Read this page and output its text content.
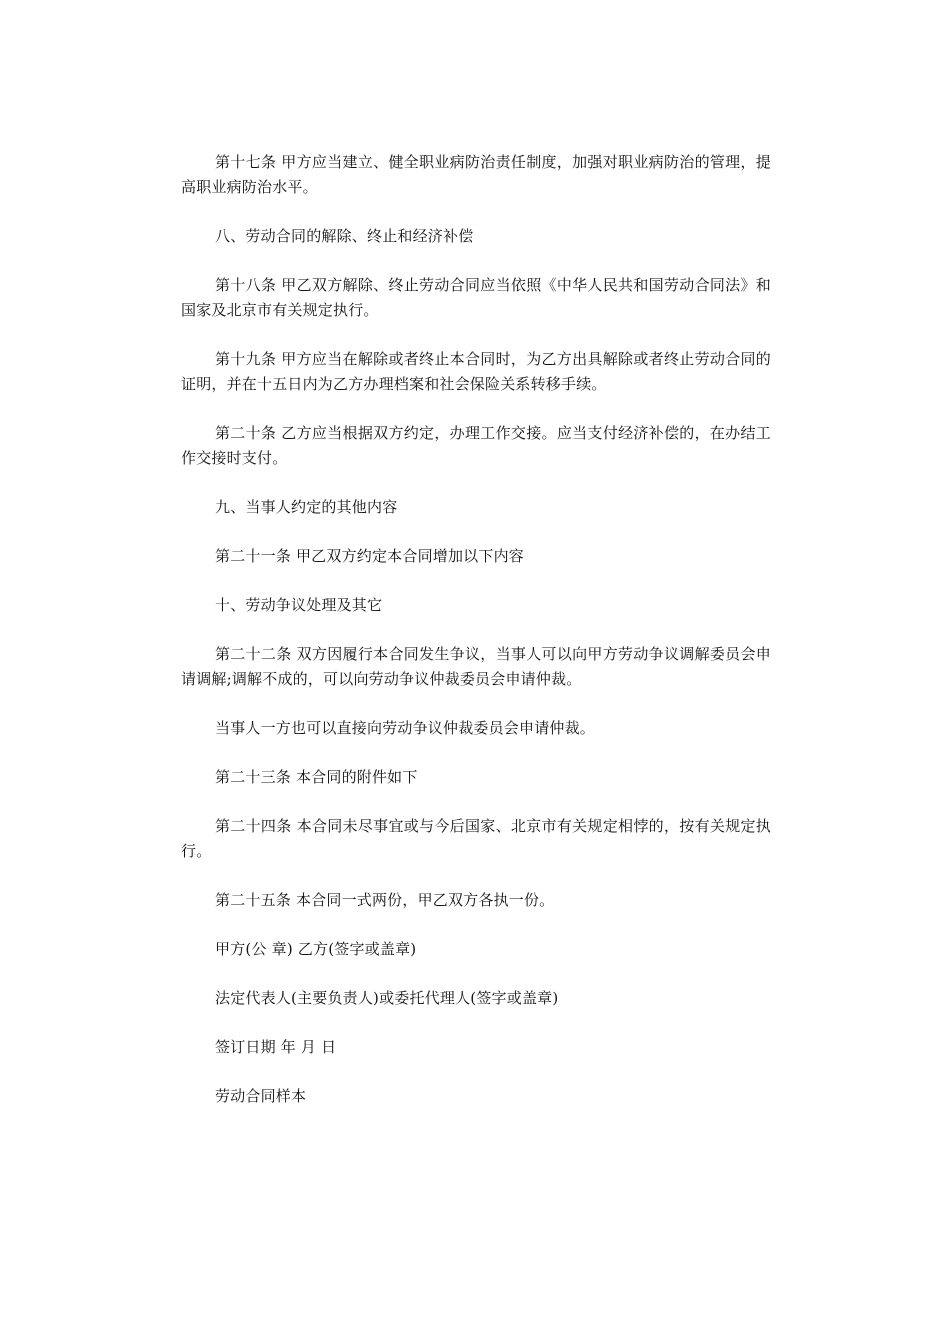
第十七条 甲方应当建立、健全职业病防治责任制度，加强对职业病防治的管理，提高职业病防治水平。

八、劳动合同的解除、终止和经济补偿

第十八条 甲乙双方解除、终止劳动合同应当依照《中华人民共和国劳动合同法》和国家及北京市有关规定执行。

第十九条 甲方应当在解除或者终止本合同时，为乙方出具解除或者终止劳动合同的证明，并在十五日内为乙方办理档案和社会保险关系转移手续。

第二十条 乙方应当根据双方约定，办理工作交接。应当支付经济补偿的，在办结工作交接时支付。

九、当事人约定的其他内容

第二十一条 甲乙双方约定本合同增加以下内容

十、劳动争议处理及其它

第二十二条 双方因履行本合同发生争议，当事人可以向甲方劳动争议调解委员会申请调解;调解不成的，可以向劳动争议仲裁委员会申请仲裁。

当事人一方也可以直接向劳动争议仲裁委员会申请仲裁。

第二十三条 本合同的附件如下

第二十四条 本合同未尽事宜或与今后国家、北京市有关规定相悖的，按有关规定执行。

第二十五条 本合同一式两份，甲乙双方各执一份。

甲方(公 章) 乙方(签字或盖章)

法定代表人(主要负责人)或委托代理人(签字或盖章)

签订日期 年 月 日

劳动合同样本
